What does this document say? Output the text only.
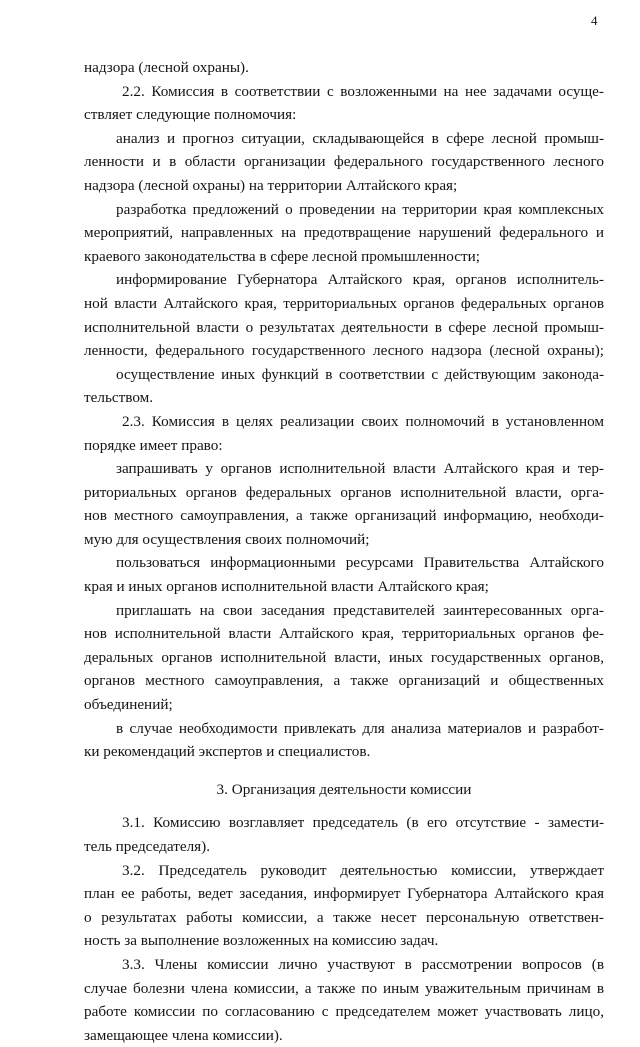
4
надзора (лесной охраны).
2.2. Комиссия в соответствии с возложенными на нее задачами осуще-
ствляет следующие полномочия:
анализ и прогноз ситуации, складывающейся в сфере лесной промыш-
ленности и в области организации федерального государственного лесного
надзора (лесной охраны) на территории Алтайского края;
разработка предложений о проведении на территории края комплексных
мероприятий, направленных на предотвращение нарушений федерального и
краевого законодательства в сфере лесной промышленности;
информирование Губернатора Алтайского края, органов исполнитель-
ной власти Алтайского края, территориальных органов федеральных органов
исполнительной власти о результатах деятельности в сфере лесной промыш-
ленности, федерального государственного лесного надзора (лесной охраны);
осуществление иных функций в соответствии с действующим законода-
тельством.
2.3. Комиссия в целях реализации своих полномочий в установленном
порядке имеет право:
запрашивать у органов исполнительной власти Алтайского края и тер-
риториальных органов федеральных органов исполнительной власти, орга-
нов местного самоуправления, а также организаций информацию, необходи-
мую для осуществления своих полномочий;
пользоваться информационными ресурсами Правительства Алтайского
края и иных органов исполнительной власти Алтайского края;
приглашать на свои заседания представителей заинтересованных орга-
нов исполнительной власти Алтайского края, территориальных органов фе-
деральных органов исполнительной власти, иных государственных органов,
органов местного самоуправления, а также организаций и общественных
объединений;
в случае необходимости привлекать для анализа материалов и разработ-
ки рекомендаций экспертов и специалистов.
3. Организация деятельности комиссии
3.1. Комиссию возглавляет председатель (в его отсутствие - замести-
тель председателя).
3.2. Председатель руководит деятельностью комиссии, утверждает
план ее работы, ведет заседания, информирует Губернатора Алтайского края
о результатах работы комиссии, а также несет персональную ответствен-
ность за выполнение возложенных на комиссию задач.
3.3. Члены комиссии лично участвуют в рассмотрении вопросов (в
случае болезни члена комиссии, а также по иным уважительным причинам в
работе комиссии по согласованию с председателем может участвовать лицо,
замещающее члена комиссии).
